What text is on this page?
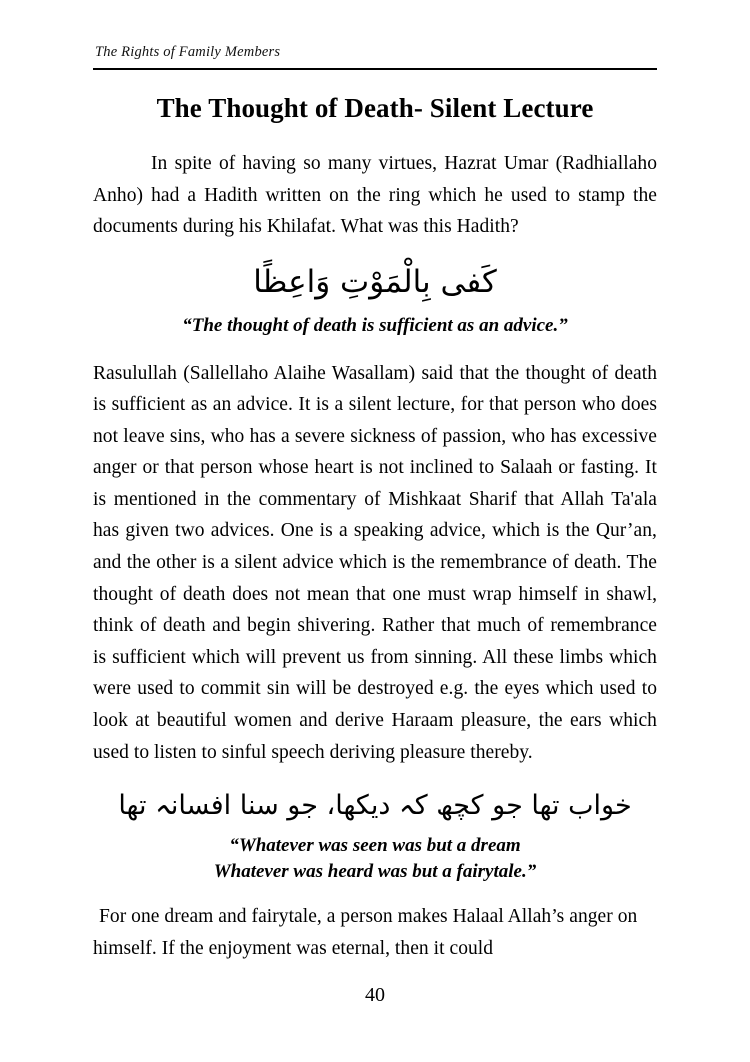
The Rights of Family Members
The Thought of Death- Silent Lecture

In spite of having so many virtues, Hazrat Umar (Radhiallaho Anho) had a Hadith written on the ring which he used to stamp the documents during his Khilafat. What was this Hadith?

كَفى بِالْمَوْتِ وَاعِظًا
“The thought of death is sufficient as an advice.”

Rasulullah (Sallellaho Alaihe Wasallam) said that the thought of death is sufficient as an advice. It is a silent lecture, for that person who does not leave sins, who has a severe sickness of passion, who has excessive anger or that person whose heart is not inclined to Salaah or fasting. It is mentioned in the commentary of Mishkaat Sharif that Allah Ta'ala has given two advices. One is a speaking advice, which is the Qur’an, and the other is a silent advice which is the remembrance of death. The thought of death does not mean that one must wrap himself in shawl, think of death and begin shivering. Rather that much of remembrance is sufficient which will prevent us from sinning. All these limbs which were used to commit sin will be destroyed e.g. the eyes which used to look at beautiful women and derive Haraam pleasure, the ears which used to listen to sinful speech deriving pleasure thereby.

خواب تھا جو کچھ کہ دیکھا، جو سنا افسانہ تھا
“Whatever was seen was but a dream
Whatever was heard was but a fairytale.”

For one dream and fairytale, a person makes Halaal Allah’s anger on himself. If the enjoyment was eternal, then it could

40
